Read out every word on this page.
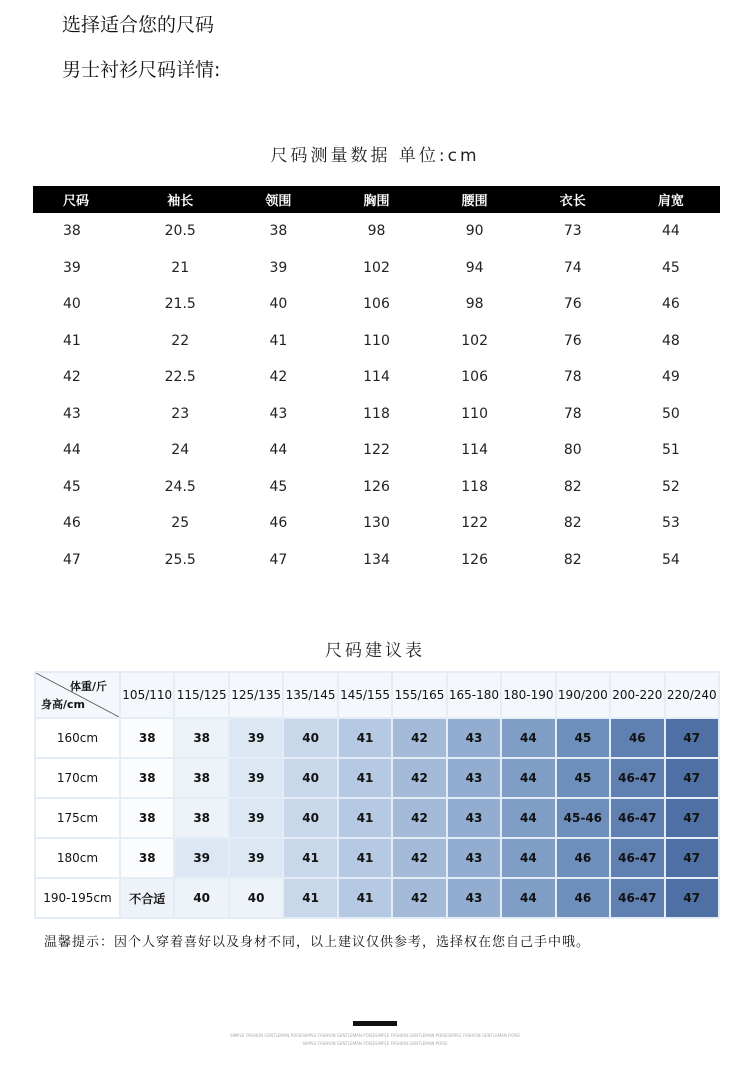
选择适合您的尺码
男士衬衫尺码详情:
尺码测量数据 单位:cm
尺码	袖长	领围	胸围	腰围	衣长	肩宽
38	20.5	38	98	90	73	44
39	21	39	102	94	74	45
40	21.5	40	106	98	76	46
41	22	41	110	102	76	48
42	22.5	42	114	106	78	49
43	23	43	118	110	78	50
44	24	44	122	114	80	51
45	24.5	45	126	118	82	52
46	25	46	130	122	82	53
47	25.5	47	134	126	82	54
尺码建议表
体重/斤
身高/cm	105/110	115/125	125/135	135/145	145/155	155/165	165-180	180-190	190/200	200-220	220/240
160cm	38	38	39	40	41	42	43	44	45	46	47
170cm	38	38	39	40	41	42	43	44	45	46-47	47
175cm	38	38	39	40	41	42	43	44	45-46	46-47	47
180cm	38	39	39	41	41	42	43	44	46	46-47	47
190-195cm	不合适	40	40	41	41	42	43	44	46	46-47	47
温馨提示：因个人穿着喜好以及身材不同，以上建议仅供参考，选择权在您自己手中哦。
SIMPLE FASHION GENTLEMAN POISESIMPLE FASHION GENTLEMAN POISESIMPLE FASHION GENTLEMAN POISESIMPLE FASHION GENTLEMAN POISE
SIMPLE FASHION GENTLEMAN POISESIMPLE FASHION GENTLEMAN POISE
